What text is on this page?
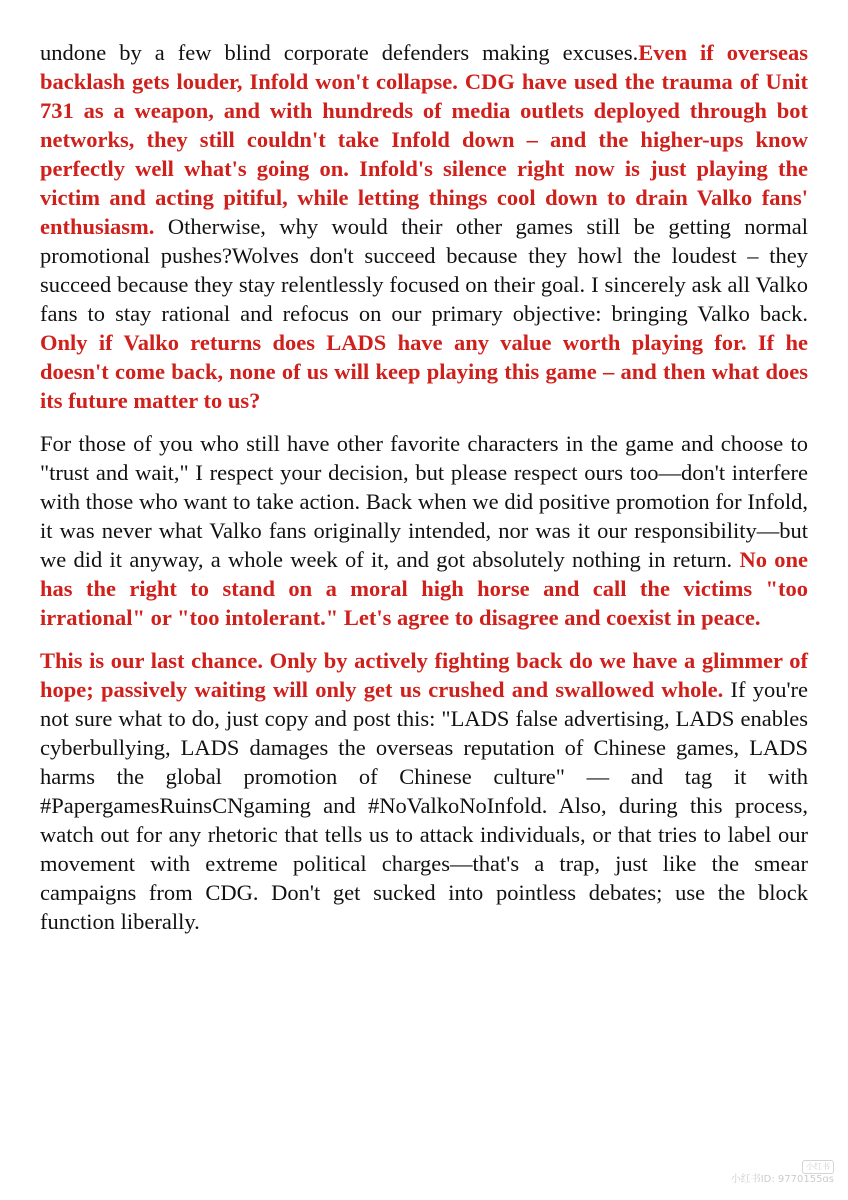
undone by a few blind corporate defenders making excuses.Even if overseas backlash gets louder, Infold won't collapse. CDG have used the trauma of Unit 731 as a weapon, and with hundreds of media outlets deployed through bot networks, they still couldn't take Infold down – and the higher-ups know perfectly well what's going on. Infold's silence right now is just playing the victim and acting pitiful, while letting things cool down to drain Valko fans' enthusiasm. Otherwise, why would their other games still be getting normal promotional pushes?Wolves don't succeed because they howl the loudest – they succeed because they stay relentlessly focused on their goal. I sincerely ask all Valko fans to stay rational and refocus on our primary objective: bringing Valko back. Only if Valko returns does LADS have any value worth playing for. If he doesn't come back, none of us will keep playing this game – and then what does its future matter to us?

For those of you who still have other favorite characters in the game and choose to "trust and wait," I respect your decision, but please respect ours too—don't interfere with those who want to take action. Back when we did positive promotion for Infold, it was never what Valko fans originally intended, nor was it our responsibility—but we did it anyway, a whole week of it, and got absolutely nothing in return. No one has the right to stand on a moral high horse and call the victims "too irrational" or "too intolerant." Let's agree to disagree and coexist in peace.

This is our last chance. Only by actively fighting back do we have a glimmer of hope; passively waiting will only get us crushed and swallowed whole. If you're not sure what to do, just copy and post this: "LADS false advertising, LADS enables cyberbullying, LADS damages the overseas reputation of Chinese games, LADS harms the global promotion of Chinese culture" — and tag it with #PapergamesRuinsCNgaming and #NoValkoNoInfold. Also, during this process, watch out for any rhetoric that tells us to attack individuals, or that tries to label our movement with extreme political charges—that's a trap, just like the smear campaigns from CDG. Don't get sucked into pointless debates; use the block function liberally.

小红书
小红书ID: 9770155ɑs
